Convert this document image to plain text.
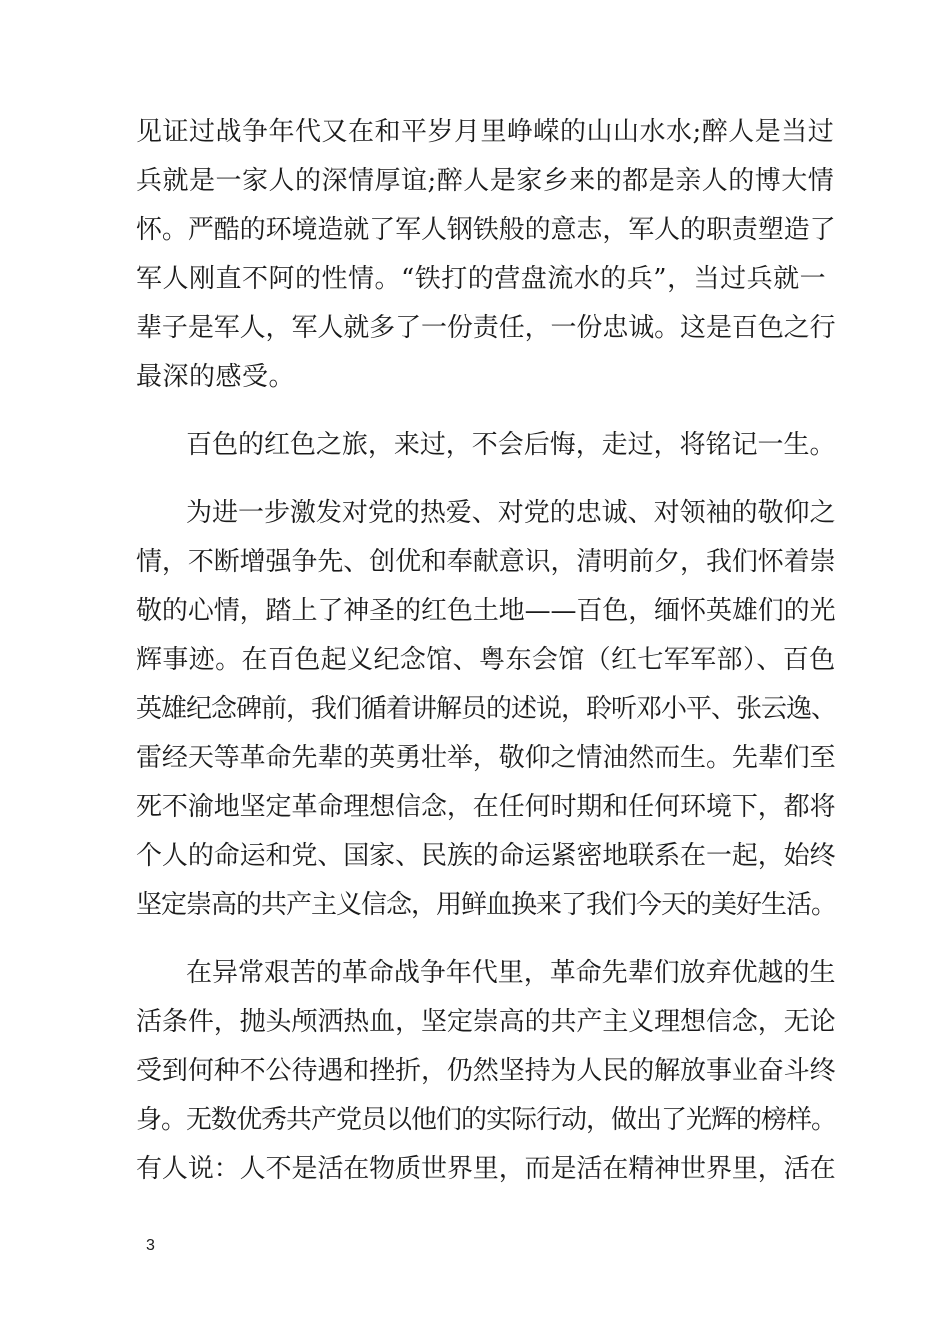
见证过战争年代又在和平岁月里峥嵘的山山水水;醉人是当过
兵就是一家人的深情厚谊;醉人是家乡来的都是亲人的博大情
怀。严酷的环境造就了军人钢铁般的意志，军人的职责塑造了
军人刚直不阿的性情。“铁打的营盘流水的兵”，当过兵就一
辈子是军人，军人就多了一份责任，一份忠诚。这是百色之行
最深的感受。
百色的红色之旅，来过，不会后悔，走过，将铭记一生。
为进一步激发对党的热爱、对党的忠诚、对领袖的敬仰之
情，不断增强争先、创优和奉献意识，清明前夕，我们怀着崇
敬的心情，踏上了神圣的红色土地——百色，缅怀英雄们的光
辉事迹。在百色起义纪念馆、粤东会馆（红七军军部）、百色
英雄纪念碑前，我们循着讲解员的述说，聆听邓小平、张云逸、
雷经天等革命先辈的英勇壮举，敬仰之情油然而生。先辈们至
死不渝地坚定革命理想信念，在任何时期和任何环境下，都将
个人的命运和党、国家、民族的命运紧密地联系在一起，始终
坚定崇高的共产主义信念，用鲜血换来了我们今天的美好生活。
在异常艰苦的革命战争年代里，革命先辈们放弃优越的生
活条件，抛头颅洒热血，坚定崇高的共产主义理想信念，无论
受到何种不公待遇和挫折，仍然坚持为人民的解放事业奋斗终
身。无数优秀共产党员以他们的实际行动，做出了光辉的榜样。
有人说：人不是活在物质世界里，而是活在精神世界里，活在
3
